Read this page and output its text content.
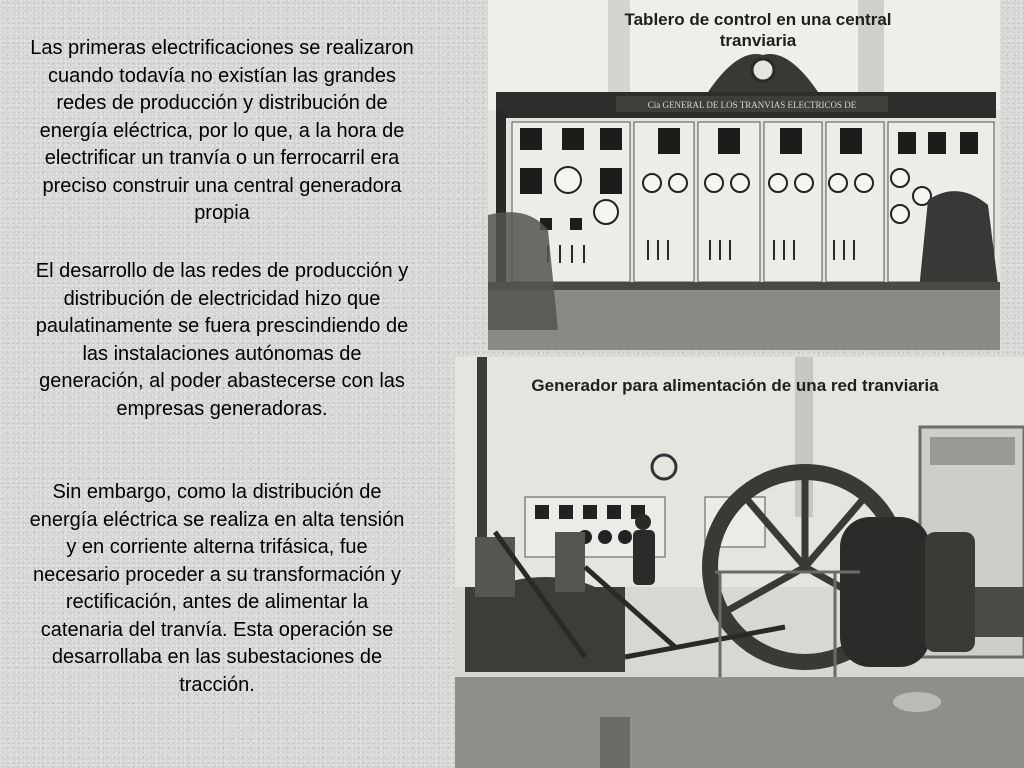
Las primeras electrificaciones se realizaron cuando todavía no existían las grandes redes de producción y distribución de energía eléctrica, por lo que, a la hora de electrificar un tranvía o un ferrocarril era preciso construir una central generadora propia
El desarrollo de las redes de producción y distribución de electricidad hizo que paulatinamente se fuera prescindiendo de las instalaciones autónomas de generación, al poder abastecerse con las empresas generadoras.
Sin embargo, como la distribución de energía eléctrica se realiza en alta tensión y en corriente alterna trifásica, fue necesario proceder a su transformación y rectificación, antes de alimentar la catenaria del tranvía. Esta operación se desarrollaba en las subestaciones de tracción.
Cía GENERAL DE LOS TRANVIAS ELECTRICOS DE
Tablero de control en una central tranviaria
Generador para alimentación de una red tranviaria
